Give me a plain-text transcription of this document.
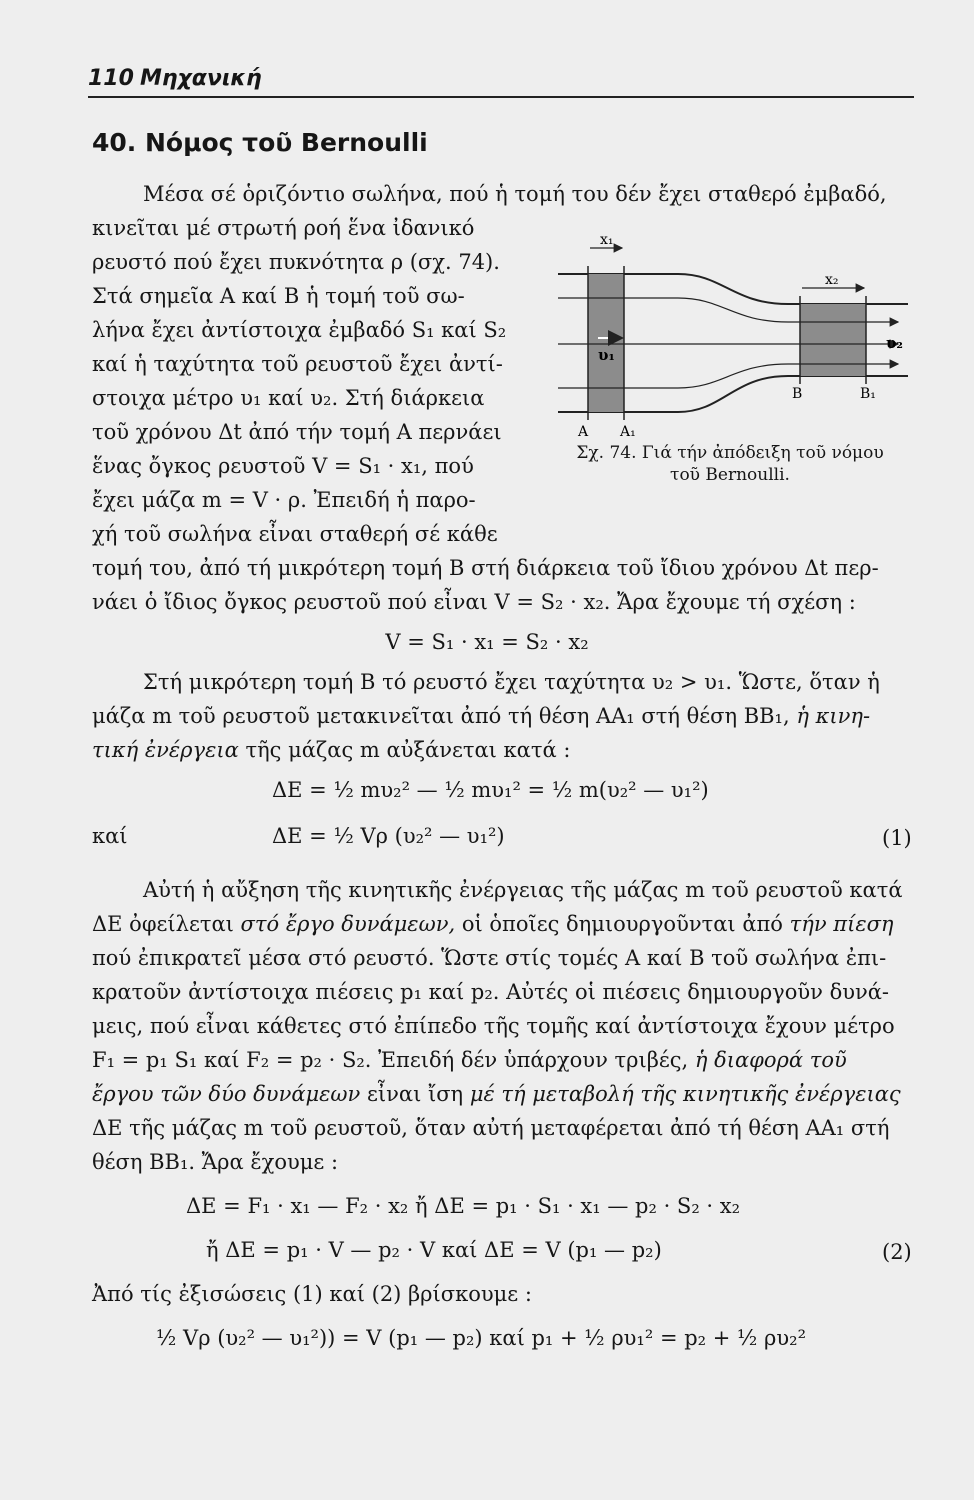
110 Μηχανική
40. Νόμος τοῦ Bernoulli
Μέσα σέ ὁριζόντιο σωλήνα, πού ἡ τομή του δέν ἔχει σταθερό ἐμβαδό,
κινεῖται μέ στρωτή ροή ἕνα ἰδανικό
ρευστό πού ἔχει πυκνότητα ρ (σχ. 74).
Στά σημεῖα Α καί Β ἡ τομή τοῦ σω-
λήνα ἔχει ἀντίστοιχα ἐμβαδό S₁ καί S₂
καί ἡ ταχύτητα τοῦ ρευστοῦ ἔχει ἀντί-
στοιχα μέτρο υ₁ καί υ₂. Στή διάρκεια
τοῦ χρόνου Δt ἀπό τήν τομή Α περνάει
ἕνας ὄγκος ρευστοῦ V = S₁ · x₁, πού
ἔχει μάζα m = V · ρ. Ἐπειδή ἡ παρο-
χή τοῦ σωλήνα εἶναι σταθερή σέ κάθε
τομή του, ἀπό τή μικρότερη τομή Β στή διάρκεια τοῦ ἴδιου χρόνου Δt περ-
νάει ὁ ἴδιος ὄγκος ρευστοῦ πού εἶναι V = S₂ · x₂. Ἄρα ἔχουμε τή σχέση :
V = S₁ · x₁ = S₂ · x₂
Στή μικρότερη τομή Β τό ρευστό ἔχει ταχύτητα υ₂ > υ₁. Ὥστε, ὅταν ἡ
μάζα m τοῦ ρευστοῦ μετακινεῖται ἀπό τή θέση ΑΑ₁ στή θέση ΒΒ₁, ἡ κινη-
τική ἐνέργεια τῆς μάζας m αὐξάνεται κατά :
ΔΕ = ½ mυ₂² — ½ mυ₁² = ½ m(υ₂² — υ₁²)
καί	ΔΕ = ½ Vρ (υ₂² — υ₁²)	(1)
Αὐτή ἡ αὔξηση τῆς κινητικῆς ἐνέργειας τῆς μάζας m τοῦ ρευστοῦ κατά
ΔΕ ὀφείλεται στό ἔργο δυνάμεων, οἱ ὁποῖες δημιουργοῦνται ἀπό τήν πίεση
πού ἐπικρατεῖ μέσα στό ρευστό. Ὥστε στίς τομές Α καί Β τοῦ σωλήνα ἐπι-
κρατοῦν ἀντίστοιχα πιέσεις p₁ καί p₂. Αὐτές οἱ πιέσεις δημιουργοῦν δυνά-
μεις, πού εἶναι κάθετες στό ἐπίπεδο τῆς τομῆς καί ἀντίστοιχα ἔχουν μέτρο
F₁ = p₁ S₁ καί F₂ = p₂ · S₂. Ἐπειδή δέν ὑπάρχουν τριβές, ἡ διαφορά τοῦ
ἔργου τῶν δύο δυνάμεων εἶναι ἴση μέ τή μεταβολή τῆς κινητικῆς ἐνέργειας
ΔΕ τῆς μάζας m τοῦ ρευστοῦ, ὅταν αὐτή μεταφέρεται ἀπό τή θέση ΑΑ₁ στή
θέση ΒΒ₁. Ἄρα ἔχουμε :
ΔΕ = F₁ · x₁ — F₂ · x₂ ἤ ΔΕ = p₁ · S₁ · x₁ — p₂ · S₂ · x₂
ἤ ΔΕ = p₁ · V — p₂ · V καί ΔΕ = V (p₁ — p₂)	(2)
Ἀπό τίς ἐξισώσεις (1) καί (2) βρίσκουμε :
½ Vρ (υ₂² — υ₁²)) = V (p₁ — p₂) καί p₁ + ½ ρυ₁² = p₂ + ½ ρυ₂²
x₁
x₂
υ₁
υ₂
Α Α₁
Β	Β₁
Σχ. 74. Γιά τήν ἀπόδειξη τοῦ νόμου
τοῦ Bernoulli.
